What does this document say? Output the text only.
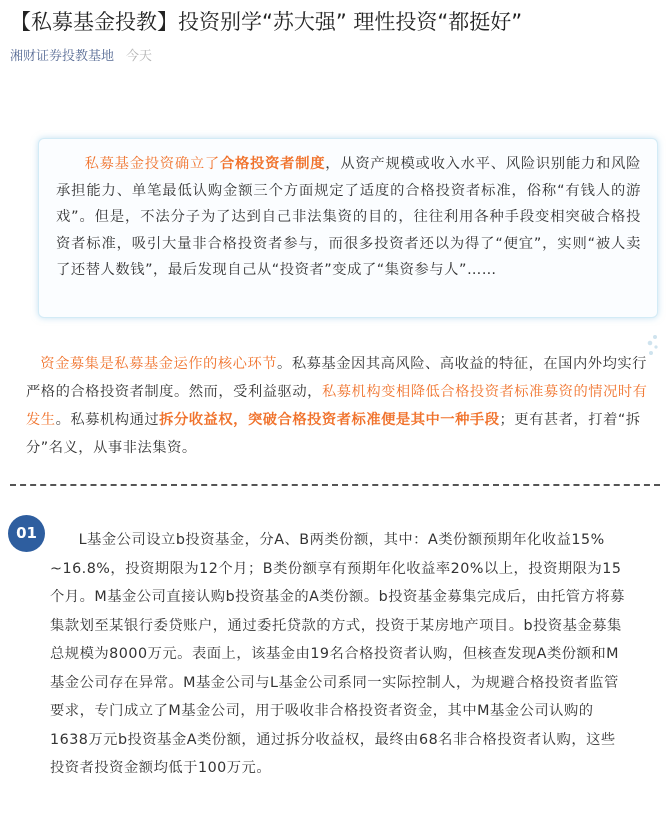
【私募基金投教】投资别学“苏大强” 理性投资“都挺好”
湘财证券投教基地 今天
私募基金投资确立了合格投资者制度，从资产规模或收入水平、风险识别能力和风险承担能力、单笔最低认购金额三个方面规定了适度的合格投资者标准，俗称“有钱人的游戏”。但是，不法分子为了达到自己非法集资的目的，往往利用各种手段变相突破合格投资者标准，吸引大量非合格投资者参与，而很多投资者还以为得了“便宜”，实则“被人卖了还替人数钱”，最后发现自己从“投资者”变成了“集资参与人”……
资金募集是私募基金运作的核心环节。私募基金因其高风险、高收益的特征，在国内外均实行严格的合格投资者制度。然而，受利益驱动，私募机构变相降低合格投资者标准募资的情况时有发生。私募机构通过拆分收益权，突破合格投资者标准便是其中一种手段；更有甚者，打着“拆分”名义，从事非法集资。
01	L基金公司设立b投资基金，分A、B两类份额，其中：A类份额预期年化收益15% ~16.8%，投资期限为12个月；B类份额享有预期年化收益率20%以上，投资期限为15个月。M基金公司直接认购b投资基金的A类份额。b投资基金募集完成后，由托管方将募集款划至某银行委贷账户，通过委托贷款的方式，投资于某房地产项目。b投资基金募集总规模为8000万元。表面上，该基金由19名合格投资者认购，但核查发现A类份额和M基金公司存在异常。M基金公司与L基金公司系同一实际控制人，为规避合格投资者监管要求，专门成立了M基金公司，用于吸收非合格投资者资金，其中M基金公司认购的1638万元b投资基金A类份额，通过拆分收益权，最终由68名非合格投资者认购，这些投资者投资金额均低于100万元。
